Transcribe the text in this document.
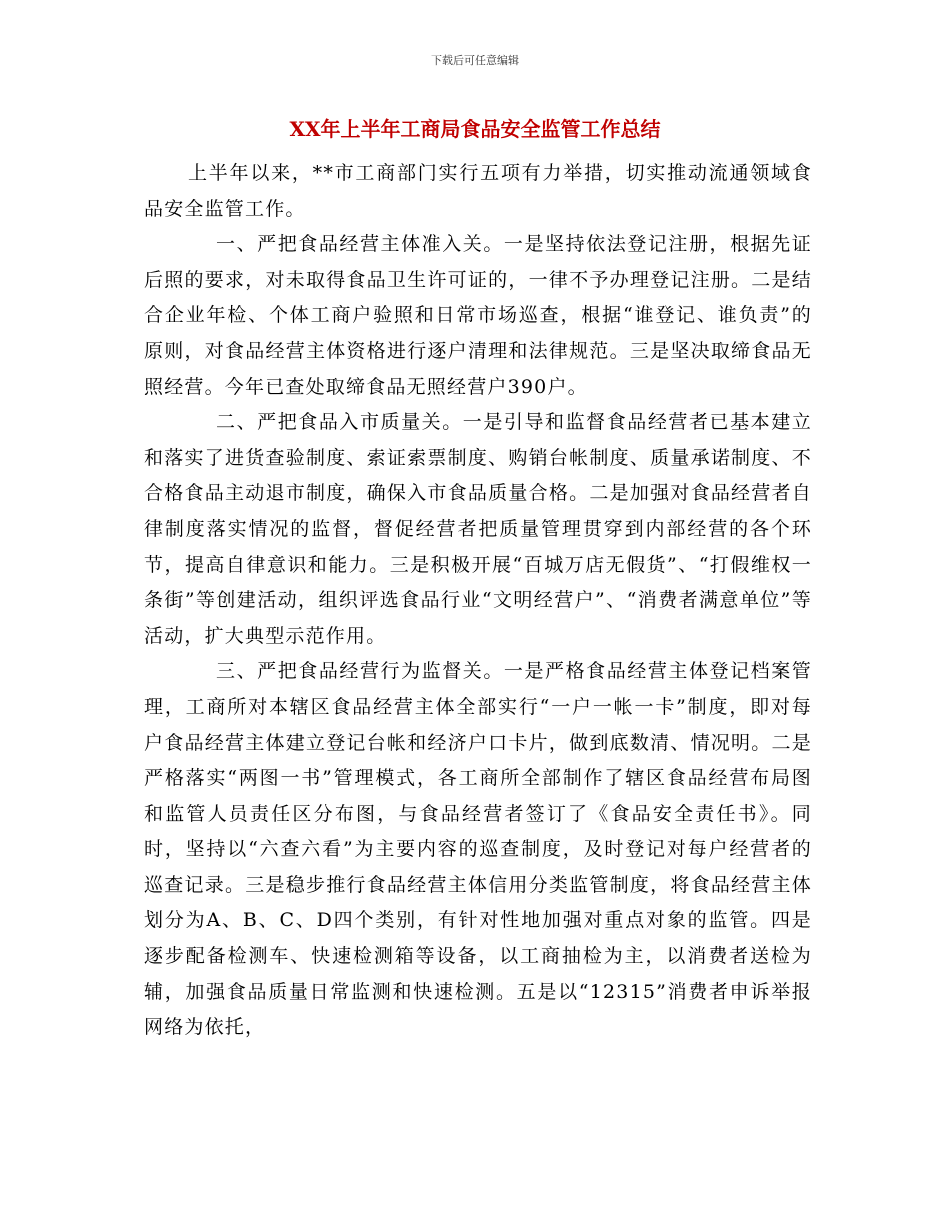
下载后可任意编辑
XX年上半年工商局食品安全监管工作总结

上半年以来，**市工商部门实行五项有力举措，切实推动流通领域食品安全监管工作。

一、严把食品经营主体准入关。一是坚持依法登记注册，根据先证后照的要求，对未取得食品卫生许可证的，一律不予办理登记注册。二是结合企业年检、个体工商户验照和日常市场巡查，根据“谁登记、谁负责”的原则，对食品经营主体资格进行逐户清理和法律规范。三是坚决取缔食品无照经营。今年已查处取缔食品无照经营户390户。

二、严把食品入市质量关。一是引导和监督食品经营者已基本建立和落实了进货查验制度、索证索票制度、购销台帐制度、质量承诺制度、不合格食品主动退市制度，确保入市食品质量合格。二是加强对食品经营者自律制度落实情况的监督，督促经营者把质量管理贯穿到内部经营的各个环节，提高自律意识和能力。三是积极开展“百城万店无假货”、“打假维权一条街”等创建活动，组织评选食品行业“文明经营户”、“消费者满意单位”等活动，扩大典型示范作用。

三、严把食品经营行为监督关。一是严格食品经营主体登记档案管理，工商所对本辖区食品经营主体全部实行“一户一帐一卡”制度，即对每户食品经营主体建立登记台帐和经济户口卡片，做到底数清、情况明。二是严格落实“两图一书”管理模式，各工商所全部制作了辖区食品经营布局图和监管人员责任区分布图，与食品经营者签订了《食品安全责任书》。同时，坚持以“六查六看”为主要内容的巡查制度，及时登记对每户经营者的巡查记录。三是稳步推行食品经营主体信用分类监管制度，将食品经营主体划分为A、B、C、D四个类别，有针对性地加强对重点对象的监管。四是逐步配备检测车、快速检测箱等设备，以工商抽检为主，以消费者送检为辅，加强食品质量日常监测和快速检测。五是以“12315”消费者申诉举报网络为依托，
